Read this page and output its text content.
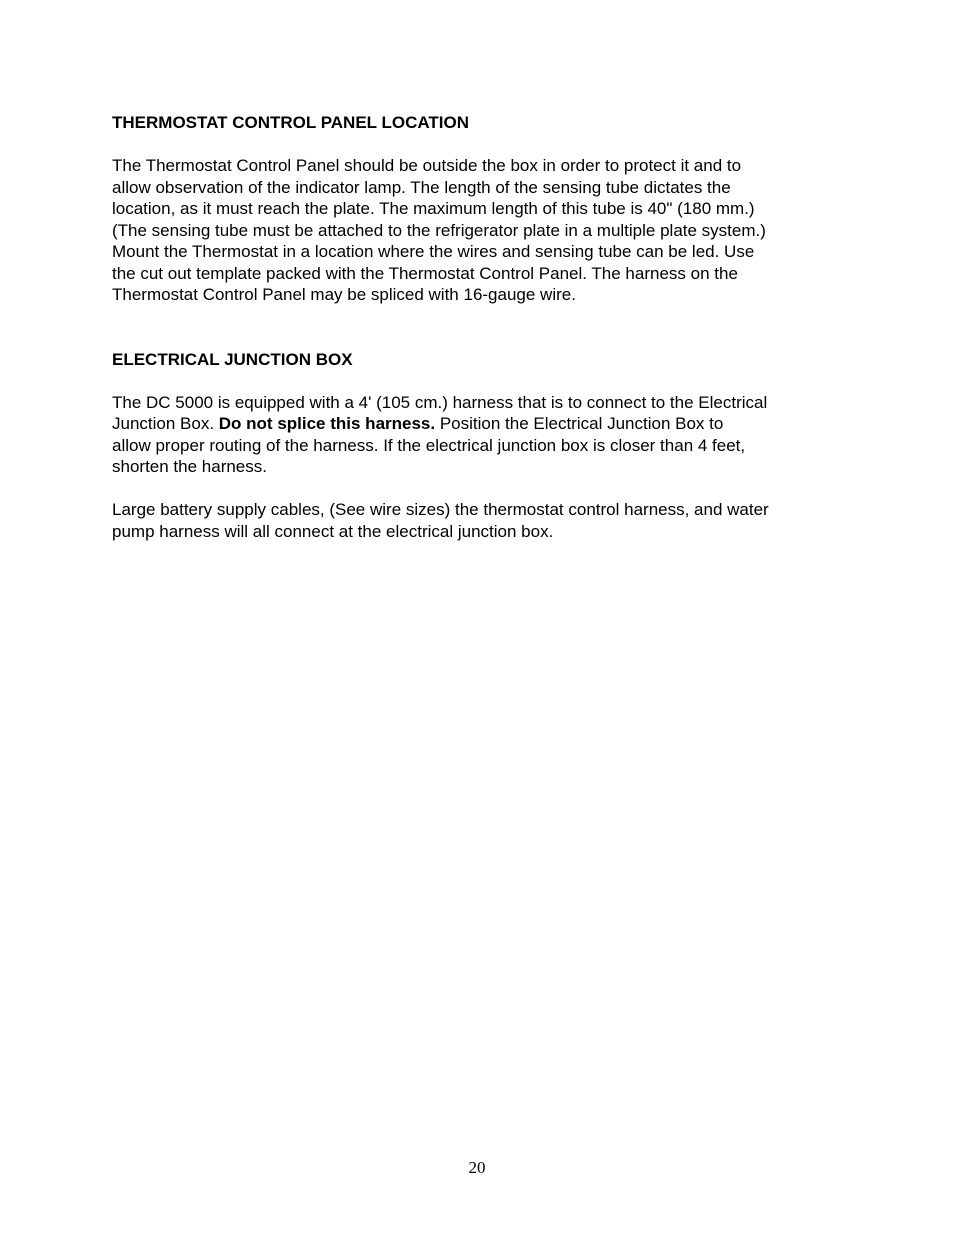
THERMOSTAT CONTROL PANEL LOCATION

The Thermostat Control Panel should be outside the box in order to protect it and to
allow observation of the indicator lamp. The length of the sensing tube dictates the
location, as it must reach the plate. The maximum length of this tube is 40" (180 mm.)
(The sensing tube must be attached to the refrigerator plate in a multiple plate system.)
Mount the Thermostat in a location where the wires and sensing tube can be led. Use
the cut out template packed with the Thermostat Control Panel. The harness on the
Thermostat Control Panel may be spliced with 16-gauge wire.

ELECTRICAL JUNCTION BOX

The DC 5000 is equipped with a 4' (105 cm.) harness that is to connect to the Electrical
Junction Box. Do not splice this harness. Position the Electrical Junction Box to
allow proper routing of the harness. If the electrical junction box is closer than 4 feet,
shorten the harness.

Large battery supply cables, (See wire sizes) the thermostat control harness, and water
pump harness will all connect at the electrical junction box.

20
